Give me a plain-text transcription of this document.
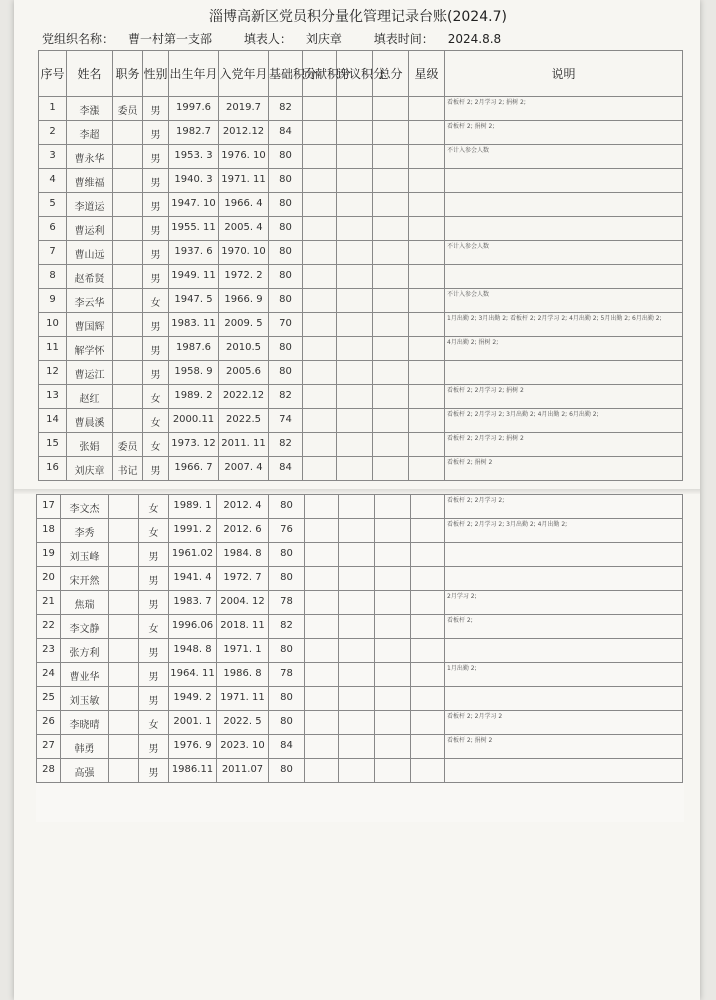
淄博高新区党员积分量化管理记录台账(2024.7)
党组织名称： 曹一村第一支部	填表人： 刘庆章	填表时间： 2024.8.8
序号	姓名	职务	性别	出生年月	入党年月	基础积分	贡献积分	评议积分	总分	星级	说明
1	李漲	委员	男	1997.6	2019.7	82					看板杆 2; 2月学习 2; 捐树 2;
2	李超		男	1982.7	2012.12	84					看板杆 2; 捐树 2;
3	曹永华		男	1953. 3	1976. 10	80					不计入参会人数
4	曹维福		男	1940. 3	1971. 11	80					
5	李道运		男	1947. 10	1966. 4	80					
6	曹运利		男	1955. 11	2005. 4	80					
7	曹山远		男	1937. 6	1970. 10	80					不计入参会人数
8	赵希贤		男	1949. 11	1972. 2	80					
9	李云华		女	1947. 5	1966. 9	80					不计入参会人数
10	曹国辉		男	1983. 11	2009. 5	70					1月出勤 2; 3月出勤 2; 看板杆 2; 2月学习 2; 4月出勤 2; 5月出勤 2; 6月出勤 2;
11	解学怀		男	1987.6	2010.5	80					4月出勤 2; 捐树 2;
12	曹运江		男	1958. 9	2005.6	80					
13	赵红		女	1989. 2	2022.12	82					看板杆 2; 2月学习 2; 捐树 2
14	曹晨溪		女	2000.11	2022.5	74					看板杆 2; 2月学习 2; 3月出勤 2; 4月出勤 2; 6月出勤 2;
15	张娟	委员	女	1973. 12	2011. 11	82					看板杆 2; 2月学习 2; 捐树 2
16	刘庆章	书记	男	1966. 7	2007. 4	84					看板杆 2; 捐树 2
17	李文杰		女	1989. 1	2012. 4	80					看板杆 2; 2月学习 2;
18	李秀		女	1991. 2	2012. 6	76					看板杆 2; 2月学习 2; 3月出勤 2; 4月出勤 2;
19	刘玉峰		男	1961.02	1984. 8	80					
20	宋开然		男	1941. 4	1972. 7	80					
21	焦瑞		男	1983. 7	2004. 12	78					2月学习 2;
22	李文静		女	1996.06	2018. 11	82					看板杆 2;
23	张方利		男	1948. 8	1971. 1	80					
24	曹业华		男	1964. 11	1986. 8	78					1月出勤 2;
25	刘玉敏		男	1949. 2	1971. 11	80					
26	李晓晴		女	2001. 1	2022. 5	80					看板杆 2; 2月学习 2
27	韩勇		男	1976. 9	2023. 10	84					看板杆 2; 捐树 2
28	高强		男	1986.11	2011.07	80					
